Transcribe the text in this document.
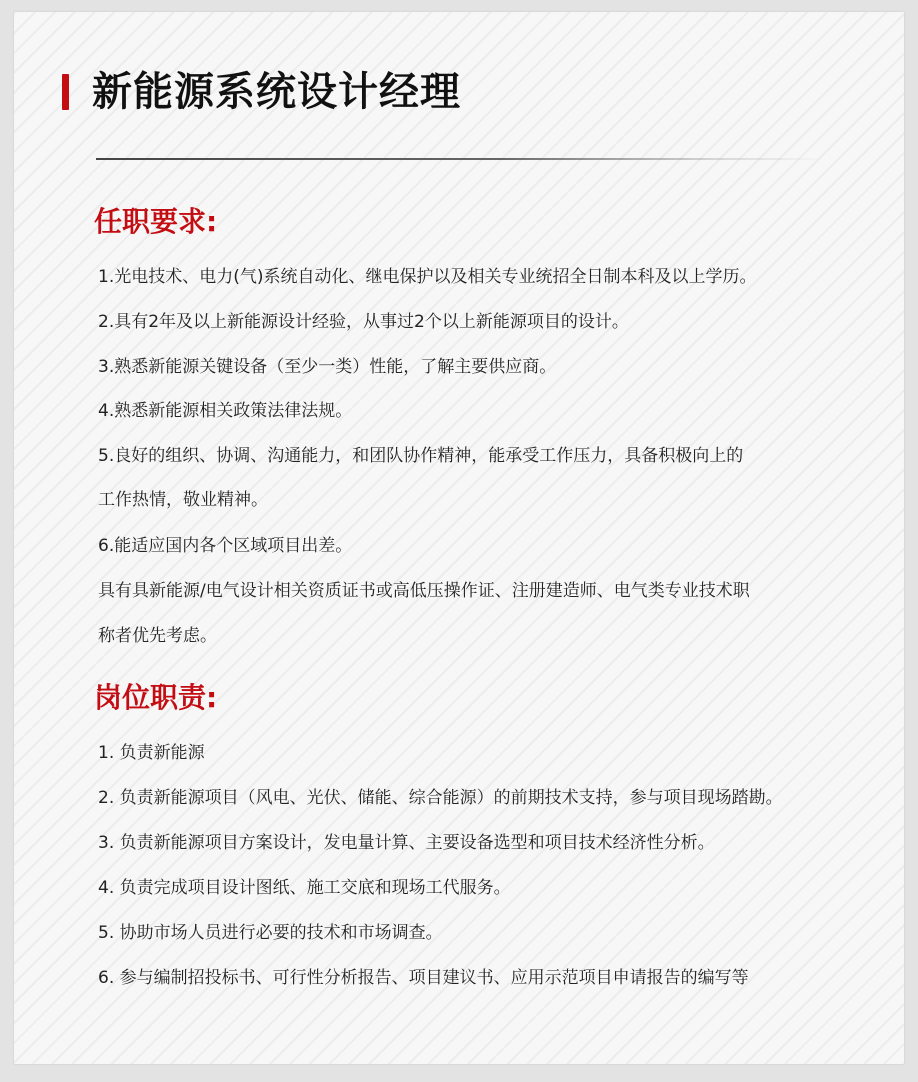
新能源系统设计经理
任职要求:
1.光电技术、电力(气)系统自动化、继电保护以及相关专业统招全日制本科及以上学历。
2.具有2年及以上新能源设计经验，从事过2个以上新能源项目的设计。
3.熟悉新能源关键设备（至少一类）性能，了解主要供应商。
4.熟悉新能源相关政策法律法规。
5.良好的组织、协调、沟通能力，和团队协作精神，能承受工作压力，具备积极向上的
工作热情，敬业精神。
6.能适应国内各个区域项目出差。
具有具新能源/电气设计相关资质证书或高低压操作证、注册建造师、电气类专业技术职
称者优先考虑。
岗位职责:
1. 负责新能源
2. 负责新能源项目（风电、光伏、储能、综合能源）的前期技术支持，参与项目现场踏勘。
3. 负责新能源项目方案设计，发电量计算、主要设备选型和项目技术经济性分析。
4. 负责完成项目设计图纸、施工交底和现场工代服务。
5. 协助市场人员进行必要的技术和市场调查。
6. 参与编制招投标书、可行性分析报告、项目建议书、应用示范项目申请报告的编写等
